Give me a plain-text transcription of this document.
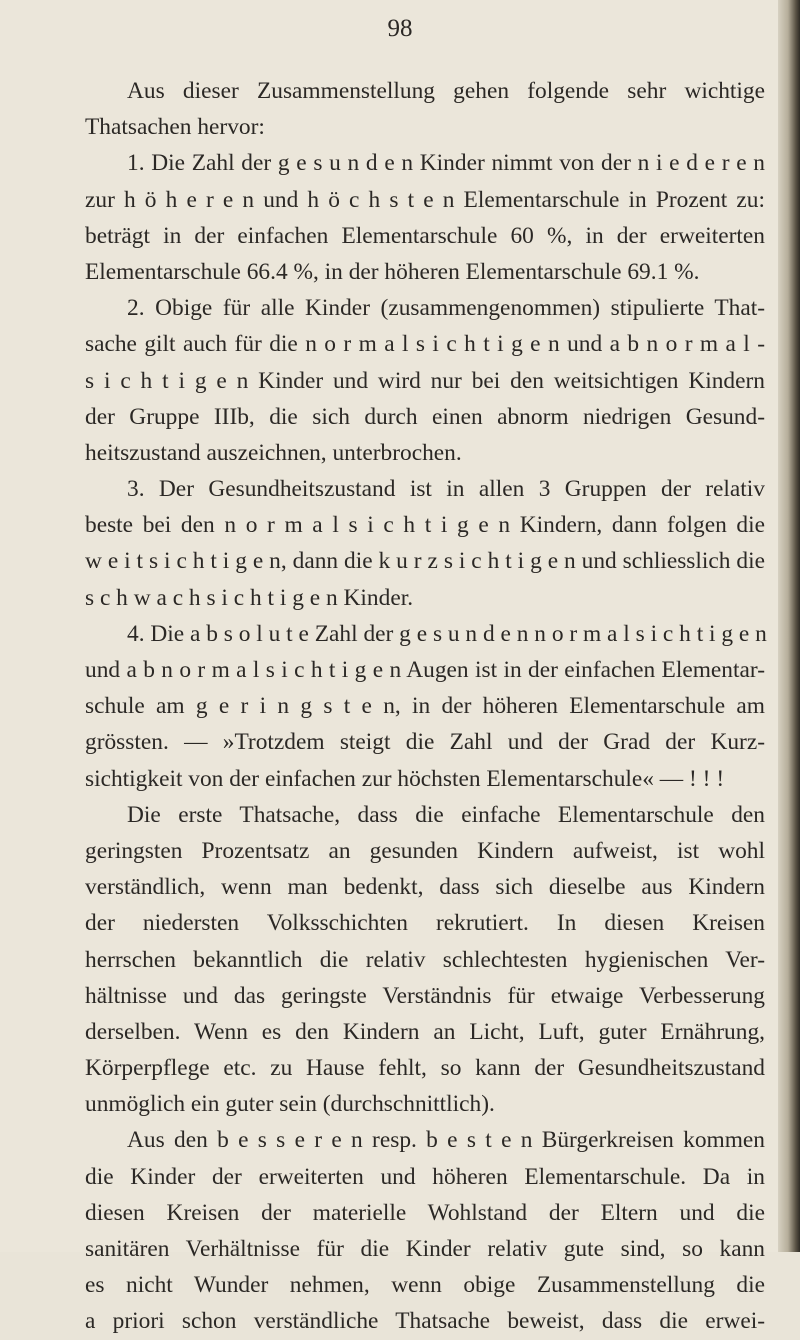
98
Aus dieser Zusammenstellung gehen folgende sehr wichtige
Thatsachen hervor:
1. Die Zahl der g e s u n d e n Kinder nimmt von der n i e d e r e n
zur h ö h e r e n und h ö c h s t e n Elementarschule in Prozent zu:
beträgt in der einfachen Elementarschule 60 %, in der erweiterten
Elementarschule 66.4 %, in der höheren Elementarschule 69.1 %.
2. Obige für alle Kinder (zusammengenommen) stipulierte That-
sache gilt auch für die n o r m a l s i c h t i g e n und a b n o r m a l -
s i c h t i g e n Kinder und wird nur bei den weitsichtigen Kindern
der Gruppe IIIb, die sich durch einen abnorm niedrigen Gesund-
heitszustand auszeichnen, unterbrochen.
3. Der Gesundheitszustand ist in allen 3 Gruppen der relativ
beste bei den n o r m a l s i c h t i g e n Kindern, dann folgen die
w e i t s i c h t i g e n, dann die k u r z s i c h t i g e n und schliesslich die
s c h w a c h s i c h t i g e n Kinder.
4. Die a b s o l u t e Zahl der g e s u n d e n n o r m a l s i c h t i g e n
und a b n o r m a l s i c h t i g e n Augen ist in der einfachen Elementar-
schule am g e r i n g s t e n, in der höheren Elementarschule am
grössten. — »Trotzdem steigt die Zahl und der Grad der Kurz-
sichtigkeit von der einfachen zur höchsten Elementarschule« — ! ! !
Die erste Thatsache, dass die einfache Elementarschule den
geringsten Prozentsatz an gesunden Kindern aufweist, ist wohl
verständlich, wenn man bedenkt, dass sich dieselbe aus Kindern
der niedersten Volksschichten rekrutiert. In diesen Kreisen
herrschen bekanntlich die relativ schlechtesten hygienischen Ver-
hältnisse und das geringste Verständnis für etwaige Verbesserung
derselben. Wenn es den Kindern an Licht, Luft, guter Ernährung,
Körperpflege etc. zu Hause fehlt, so kann der Gesundheitszustand
unmöglich ein guter sein (durchschnittlich).
Aus den b e s s e r e n resp. b e s t e n Bürgerkreisen kommen
die Kinder der erweiterten und höheren Elementarschule. Da in
diesen Kreisen der materielle Wohlstand der Eltern und die
sanitären Verhältnisse für die Kinder relativ gute sind, so kann
es nicht Wunder nehmen, wenn obige Zusammenstellung die
a priori schon verständliche Thatsache beweist, dass die erwei-
